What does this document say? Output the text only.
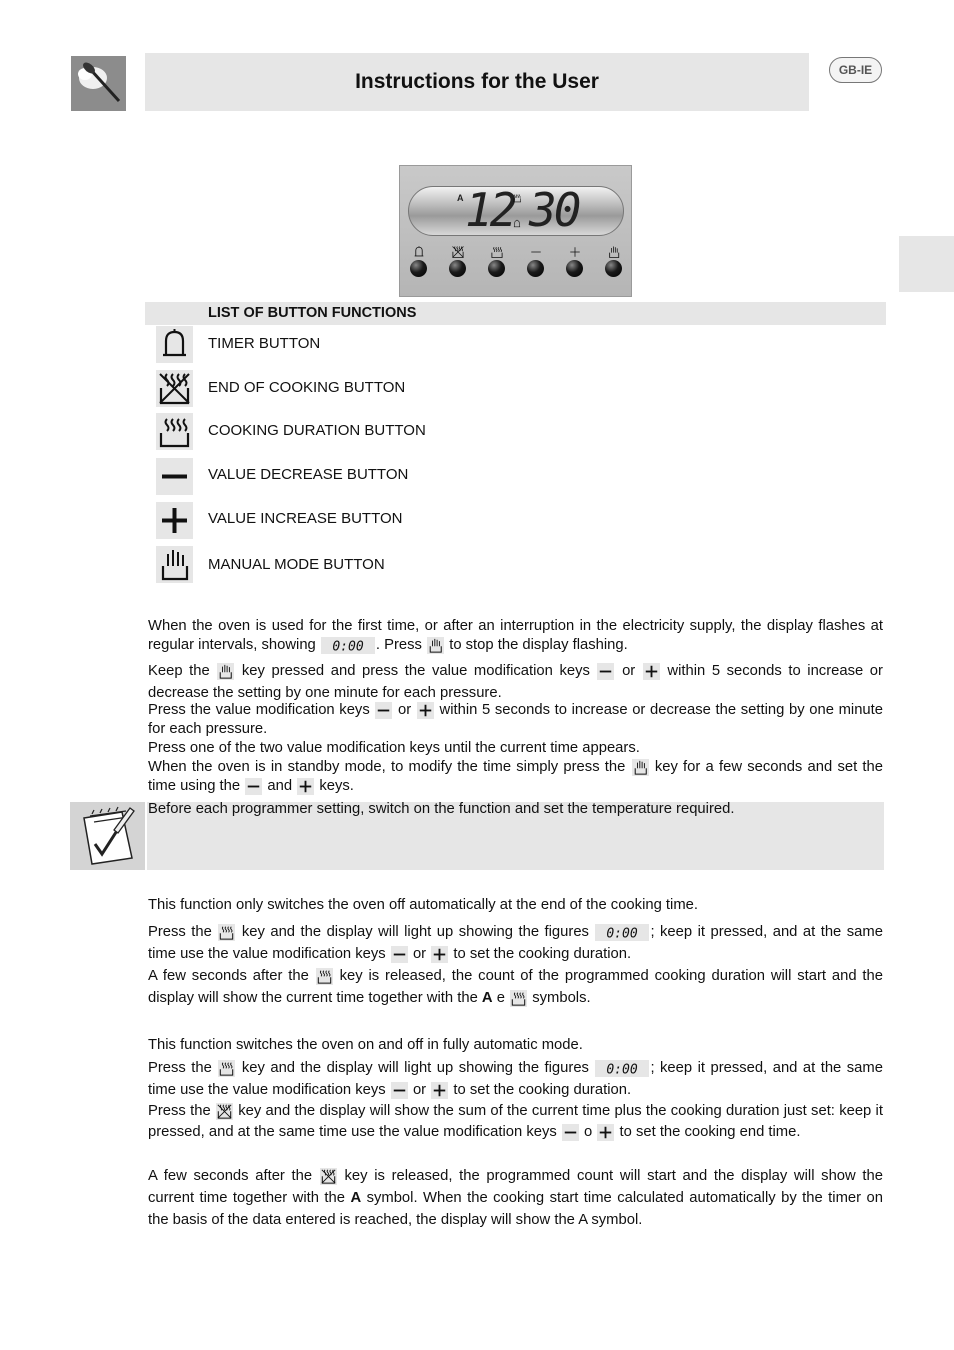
Instructions for the User	GB-IE
A 12 30
LIST OF BUTTON FUNCTIONS
TIMER BUTTON
END OF COOKING BUTTON
COOKING DURATION BUTTON
VALUE DECREASE BUTTON
VALUE INCREASE BUTTON
MANUAL MODE BUTTON
When the oven is used for the first time, or after an interruption in the electricity supply, the display flashes at regular intervals, showing	. Press to stop the display flashing.
Keep the key pressed and press the value modification keys or within 5 seconds to increase or decrease the setting by one minute for each pressure.
Press the value modification keys or within 5 seconds to increase or decrease the setting by one minute for each pressure.
Press one of the two value modification keys until the current time appears.
When the oven is in standby mode, to modify the time simply press the key for a few seconds and set the time using the and keys.
Before each programmer setting, switch on the function and set the temperature required.
This function only switches the oven off automatically at the end of the cooking time.
Press the key and the display will light up showing the figures	; keep it pressed, and at the same time use the value modification keys or to set the cooking duration.
A few seconds after the key is released, the count of the programmed cooking duration will start and the display will show the current time together with the A e symbols.
This function switches the oven on and off in fully automatic mode.
Press the key and the display will light up showing the figures	; keep it pressed, and at the same time use the value modification keys or to set the cooking duration.
Press the key and the display will show the sum of the current time plus the cooking duration just set: keep it pressed, and at the same time use the value modification keys o to set the cooking end time.
A few seconds after the key is released, the programmed count will start and the display will show the current time together with the A symbol. When the cooking start time calculated automatically by the timer on the basis of the data entered is reached, the display will show the A symbol.
